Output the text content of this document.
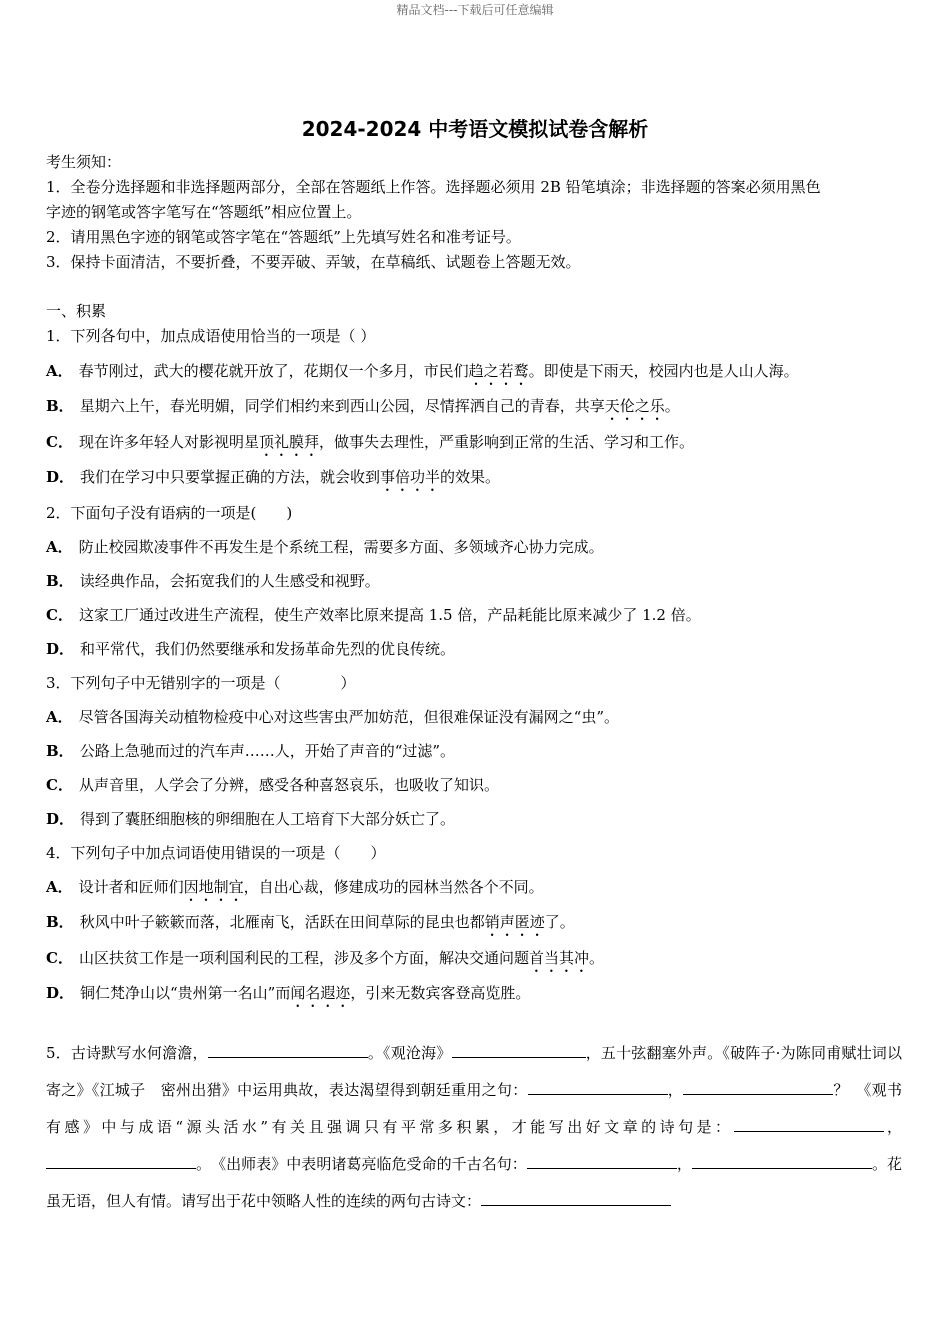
精品文档---下载后可任意编辑
2024-2024 中考语文模拟试卷含解析
考生须知：
1．全卷分选择题和非选择题两部分，全部在答题纸上作答。选择题必须用 2B 铅笔填涂；非选择题的答案必须用黑色
字迹的钢笔或答字笔写在“答题纸”相应位置上。
2．请用黑色字迹的钢笔或答字笔在“答题纸”上先填写姓名和准考证号。
3．保持卡面清洁，不要折叠，不要弄破、弄皱，在草稿纸、试题卷上答题无效。
一、积累
1．下列各句中，加点成语使用恰当的一项是（ ）
A． 春节刚过，武大的樱花就开放了，花期仅一个多月，市民们趋之若鹜。即使是下雨天，校园内也是人山人海。
B． 星期六上午，春光明媚，同学们相约来到西山公园，尽情挥洒自己的青春，共享天伦之乐。
C． 现在许多年轻人对影视明星顶礼膜拜，做事失去理性，严重影响到正常的生活、学习和工作。
D． 我们在学习中只要掌握正确的方法，就会收到事倍功半的效果。
2．下面句子没有语病的一项是(　　)
A． 防止校园欺凌事件不再发生是个系统工程，需要多方面、多领域齐心协力完成。
B． 读经典作品，会拓宽我们的人生感受和视野。
C． 这家工厂通过改进生产流程，使生产效率比原来提高 1.5 倍，产品耗能比原来减少了 1.2 倍。
D． 和平常代，我们仍然要继承和发扬革命先烈的优良传统。
3．下列句子中无错别字的一项是（　　　　）
A． 尽管各国海关动植物检疫中心对这些害虫严加妨范，但很难保证没有漏网之“虫”。
B． 公路上急驰而过的汽车声……人，开始了声音的“过滤”。
C． 从声音里，人学会了分辨，感受各种喜怒哀乐，也吸收了知识。
D． 得到了囊胚细胞核的卵细胞在人工培育下大部分妖亡了。
4．下列句子中加点词语使用错误的一项是（　　）
A． 设计者和匠师们因地制宜，自出心裁，修建成功的园林当然各个不同。
B． 秋风中叶子簌簌而落，北雁南飞，活跃在田间草际的昆虫也都销声匿迹了。
C． 山区扶贫工作是一项利国利民的工程，涉及多个方面，解决交通问题首当其冲。
D． 铜仁梵净山以“贵州第一名山”而闻名遐迩，引来无数宾客登高览胜。
5．古诗默写水何澹澹，	。《观沧海》	，五十弦翻塞外声。《破阵子·为陈同甫赋壮词以寄之》《江城子　密州出猎》中运用典故，表达渴望得到朝廷重用之句：	，	？　《观书有感》中与成语“源头活水”有关且强调只有平常多积累，才能写出好文章的诗句是：	，。　《出师表》中表明诸葛亮临危受命的千古名句：	，	。花虽无语，但人有情。请写出于花中领略人性的连续的两句古诗文：
